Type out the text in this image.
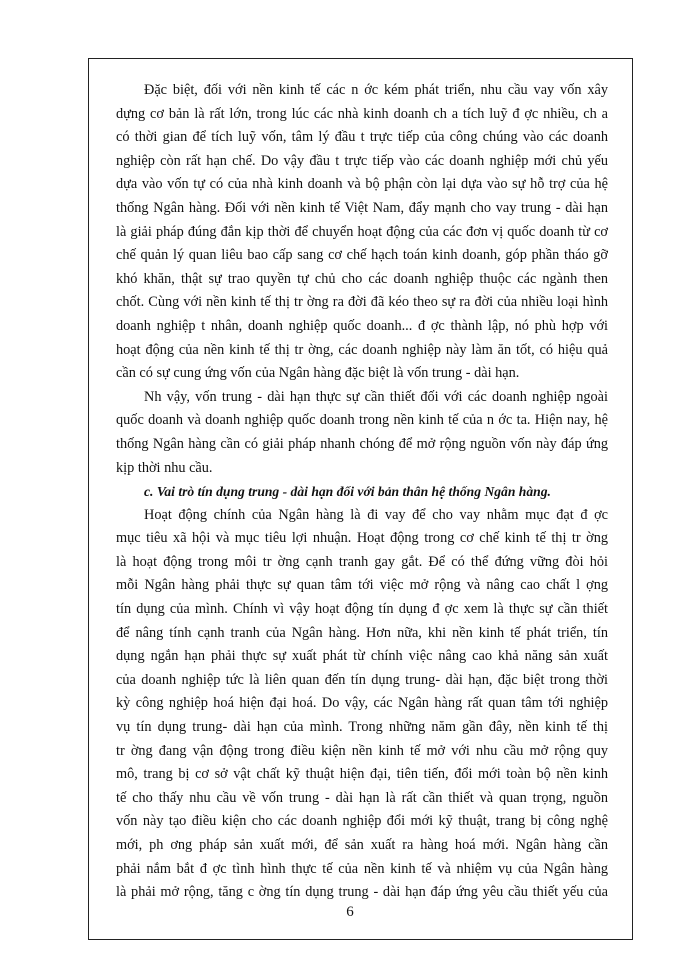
Đặc biệt, đối với nền kinh tế các n ớc kém phát triển, nhu cầu vay vốn xây
dựng cơ bản là rất lớn, trong lúc các nhà kinh doanh ch a tích luỹ đ ợc nhiều, ch a
có thời gian để tích luỹ vốn, tâm lý đầu t trực tiếp của công chúng vào các doanh
nghiệp còn rất hạn chế. Do vậy đầu t trực tiếp vào các doanh nghiệp mới chủ yếu
dựa vào vốn tự có của nhà kinh doanh và bộ phận còn lại dựa vào sự hỗ trợ của hệ
thống Ngân hàng. Đối với nền kinh tế Việt Nam, đẩy mạnh cho vay trung - dài hạn
là giải pháp đúng đắn kịp thời để chuyển hoạt động của các đơn vị quốc doanh từ cơ
chế quản lý quan liêu bao cấp sang cơ chế hạch toán kinh doanh, góp phần tháo gỡ
khó khăn, thật sự trao quyền tự chủ cho các doanh nghiệp thuộc các ngành then
chốt. Cùng với nền kinh tế thị tr ờng ra đời đã kéo theo sự ra đời của nhiều loại hình
doanh nghiệp t nhân, doanh nghiệp quốc doanh... đ ợc thành lập, nó phù hợp với
hoạt động của nền kinh tế thị tr ờng, các doanh nghiệp này làm ăn tốt, có hiệu quả
cần có sự cung ứng vốn của Ngân hàng đặc biệt là vốn trung - dài hạn.
Nh vậy, vốn trung - dài hạn thực sự cần thiết đối với các doanh nghiệp ngoài
quốc doanh và doanh nghiệp quốc doanh trong nền kinh tế của n ớc ta. Hiện nay, hệ
thống Ngân hàng cần có giải pháp nhanh chóng để mở rộng nguồn vốn này đáp ứng
kịp thời nhu cầu.
c. Vai trò tín dụng trung - dài hạn đối với bản thân hệ thống Ngân hàng.
Hoạt động chính của Ngân hàng là đi vay để cho vay nhằm mục đạt đ ợc
mục tiêu xã hội và mục tiêu lợi nhuận. Hoạt động trong cơ chế kinh tế thị tr ờng
là hoạt động trong môi tr ờng cạnh tranh gay gắt. Để có thể đứng vững đòi hỏi
mỗi Ngân hàng phải thực sự quan tâm tới việc mở rộng và nâng cao chất l ợng
tín dụng của mình. Chính vì vậy hoạt động tín dụng đ ợc xem là thực sự cần thiết
để nâng tính cạnh tranh của Ngân hàng. Hơn nữa, khi nền kinh tế phát triển, tín
dụng ngắn hạn phải thực sự xuất phát từ chính việc nâng cao khả năng sản xuất
của doanh nghiệp tức là liên quan đến tín dụng trung- dài hạn, đặc biệt trong thời
kỳ công nghiệp hoá hiện đại hoá. Do vậy, các Ngân hàng rất quan tâm tới nghiệp
vụ tín dụng trung- dài hạn của mình. Trong những năm gần đây, nền kinh tế thị
tr ờng đang vận động trong điều kiện nền kinh tế mở với nhu cầu mở rộng quy
mô, trang bị cơ sở vật chất kỹ thuật hiện đại, tiên tiến, đổi mới toàn bộ nền kinh
tế cho thấy nhu cầu về vốn trung - dài hạn là rất cần thiết và quan trọng, nguồn
vốn này tạo điều kiện cho các doanh nghiệp đổi mới kỹ thuật, trang bị công nghệ
mới, ph ơng pháp sản xuất mới, để sản xuất ra hàng hoá mới. Ngân hàng cần
phải nắm bắt đ ợc tình hình thực tế của nền kinh tế và nhiệm vụ của Ngân hàng
là phải mở rộng, tăng c ờng tín dụng trung - dài hạn đáp ứng yêu cầu thiết yếu của
6
